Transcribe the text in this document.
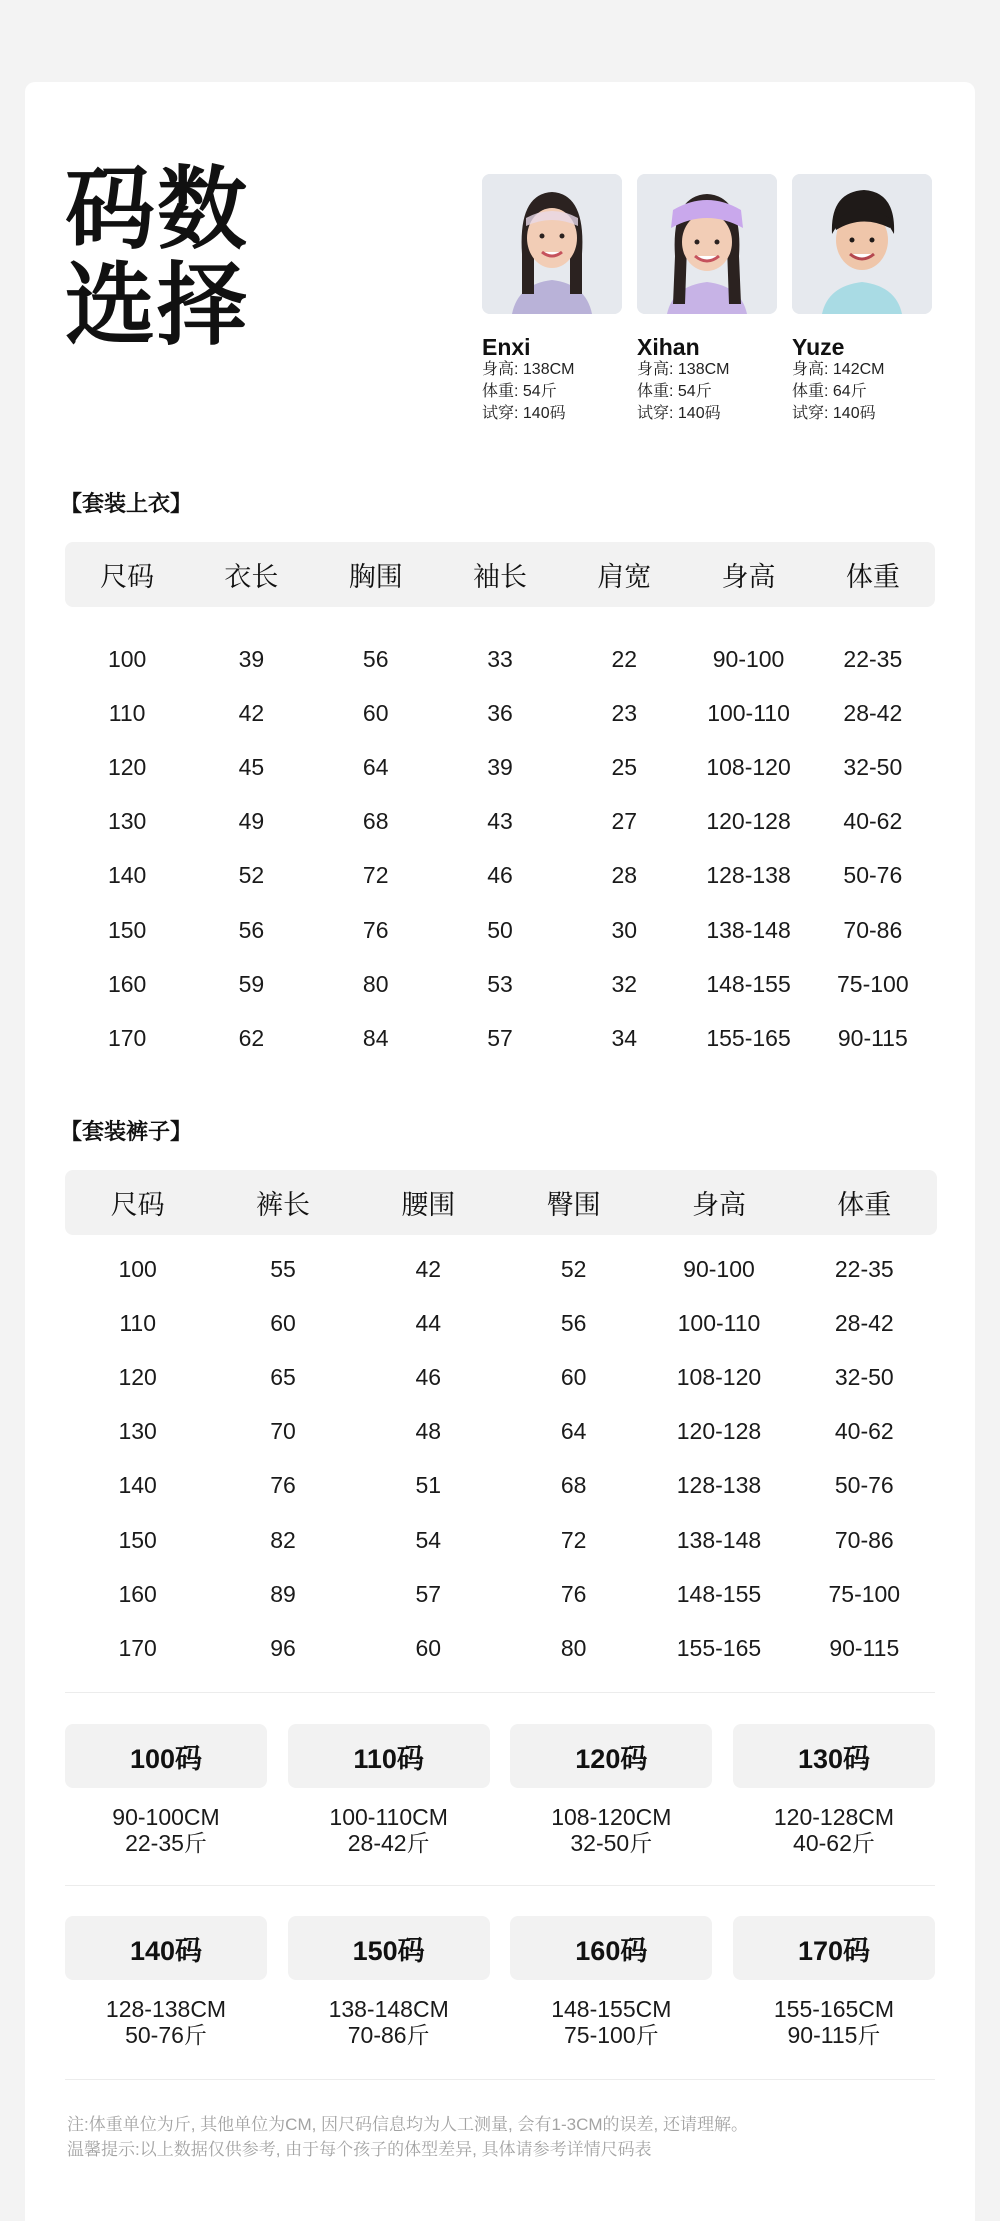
码数
选择	Enxi
身高: 138CM
体重: 54斤
试穿: 140码
Xihan
身高: 138CM
体重: 54斤
试穿: 140码
Yuze
身高: 142CM
体重: 64斤
试穿: 140码
【套装上衣】
尺码	衣长	胸围	袖长	肩宽	身高	体重
100	39	56	33	22	90-100	22-35
110	42	60	36	23	100-110	28-42
120	45	64	39	25	108-120	32-50
130	49	68	43	27	120-128	40-62
140	52	72	46	28	128-138	50-76
150	56	76	50	30	138-148	70-86
160	59	80	53	32	148-155	75-100
170	62	84	57	34	155-165	90-115
【套装裤子】
尺码	裤长	腰围	臀围	身高	体重
100	55	42	52	90-100	22-35
110	60	44	56	100-110	28-42
120	65	46	60	108-120	32-50
130	70	48	64	120-128	40-62
140	76	51	68	128-138	50-76
150	82	54	72	138-148	70-86
160	89	57	76	148-155	75-100
170	96	60	80	155-165	90-115
100码
90-100CM
22-35斤
110码
100-110CM
28-42斤
120码
108-120CM
32-50斤
130码
120-128CM
40-62斤
140码
128-138CM
50-76斤
150码
138-148CM
70-86斤
160码
148-155CM
75-100斤
170码
155-165CM
90-115斤
注:体重单位为斤, 其他单位为CM, 因尺码信息均为人工测量, 会有1-3CM的误差, 还请理解。
温馨提示:以上数据仅供参考, 由于每个孩子的体型差异, 具体请参考详情尺码表
